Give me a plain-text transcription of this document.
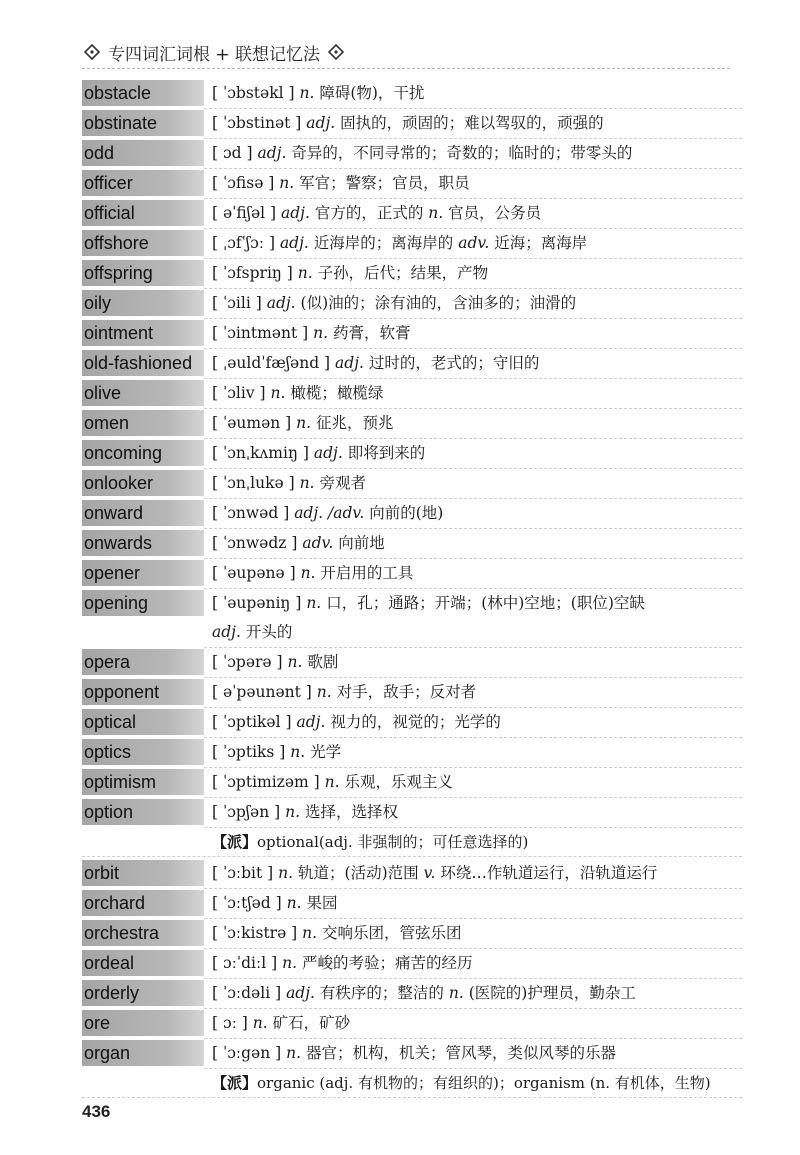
专四词汇词根 + 联想记忆法
obstacle	[ ˈɔbstəkl ] n. 障碍(物)，干扰
obstinate	[ ˈɔbstinət ] adj. 固执的，顽固的；难以驾驭的，顽强的
odd	[ ɔd ] adj. 奇异的，不同寻常的；奇数的；临时的；带零头的
officer	[ ˈɔfisə ] n. 军官；警察；官员，职员
official	[ əˈfiʃəl ] adj. 官方的，正式的 n. 官员，公务员
offshore	[ ˌɔfˈʃɔː ] adj. 近海岸的；离海岸的 adv. 近海；离海岸
offspring	[ ˈɔfspriŋ ] n. 子孙，后代；结果，产物
oily	[ ˈɔili ] adj. (似)油的；涂有油的，含油多的；油滑的
ointment	[ ˈɔintmənt ] n. 药膏，软膏
old-fashioned	[ ˌəuldˈfæʃənd ] adj. 过时的，老式的；守旧的
olive	[ ˈɔliv ] n. 橄榄；橄榄绿
omen	[ ˈəumən ] n. 征兆，预兆
oncoming	[ ˈɔnˌkʌmiŋ ] adj. 即将到来的
onlooker	[ ˈɔnˌlukə ] n. 旁观者
onward	[ ˈɔnwəd ] adj. /adv. 向前的(地)
onwards	[ ˈɔnwədz ] adv. 向前地
opener	[ ˈəupənə ] n. 开启用的工具
opening	[ ˈəupəniŋ ] n. 口，孔；通路；开端；(林中)空地；(职位)空缺
adj. 开头的
opera	[ ˈɔpərə ] n. 歌剧
opponent	[ əˈpəunənt ] n. 对手，敌手；反对者
optical	[ ˈɔptikəl ] adj. 视力的，视觉的；光学的
optics	[ ˈɔptiks ] n. 光学
optimism	[ ˈɔptimizəm ] n. 乐观，乐观主义
option	[ ˈɔpʃən ] n. 选择，选择权
【派】optional(adj. 非强制的；可任意选择的)
orbit	[ ˈɔːbit ] n. 轨道；(活动)范围 v. 环绕…作轨道运行，沿轨道运行
orchard	[ ˈɔːtʃəd ] n. 果园
orchestra	[ ˈɔːkistrə ] n. 交响乐团，管弦乐团
ordeal	[ ɔːˈdiːl ] n. 严峻的考验；痛苦的经历
orderly	[ ˈɔːdəli ] adj. 有秩序的；整洁的 n. (医院的)护理员，勤杂工
ore	[ ɔː ] n. 矿石，矿砂
organ	[ ˈɔːgən ] n. 器官；机构，机关；管风琴，类似风琴的乐器
【派】organic (adj. 有机物的；有组织的)；organism (n. 有机体，生物)
436
